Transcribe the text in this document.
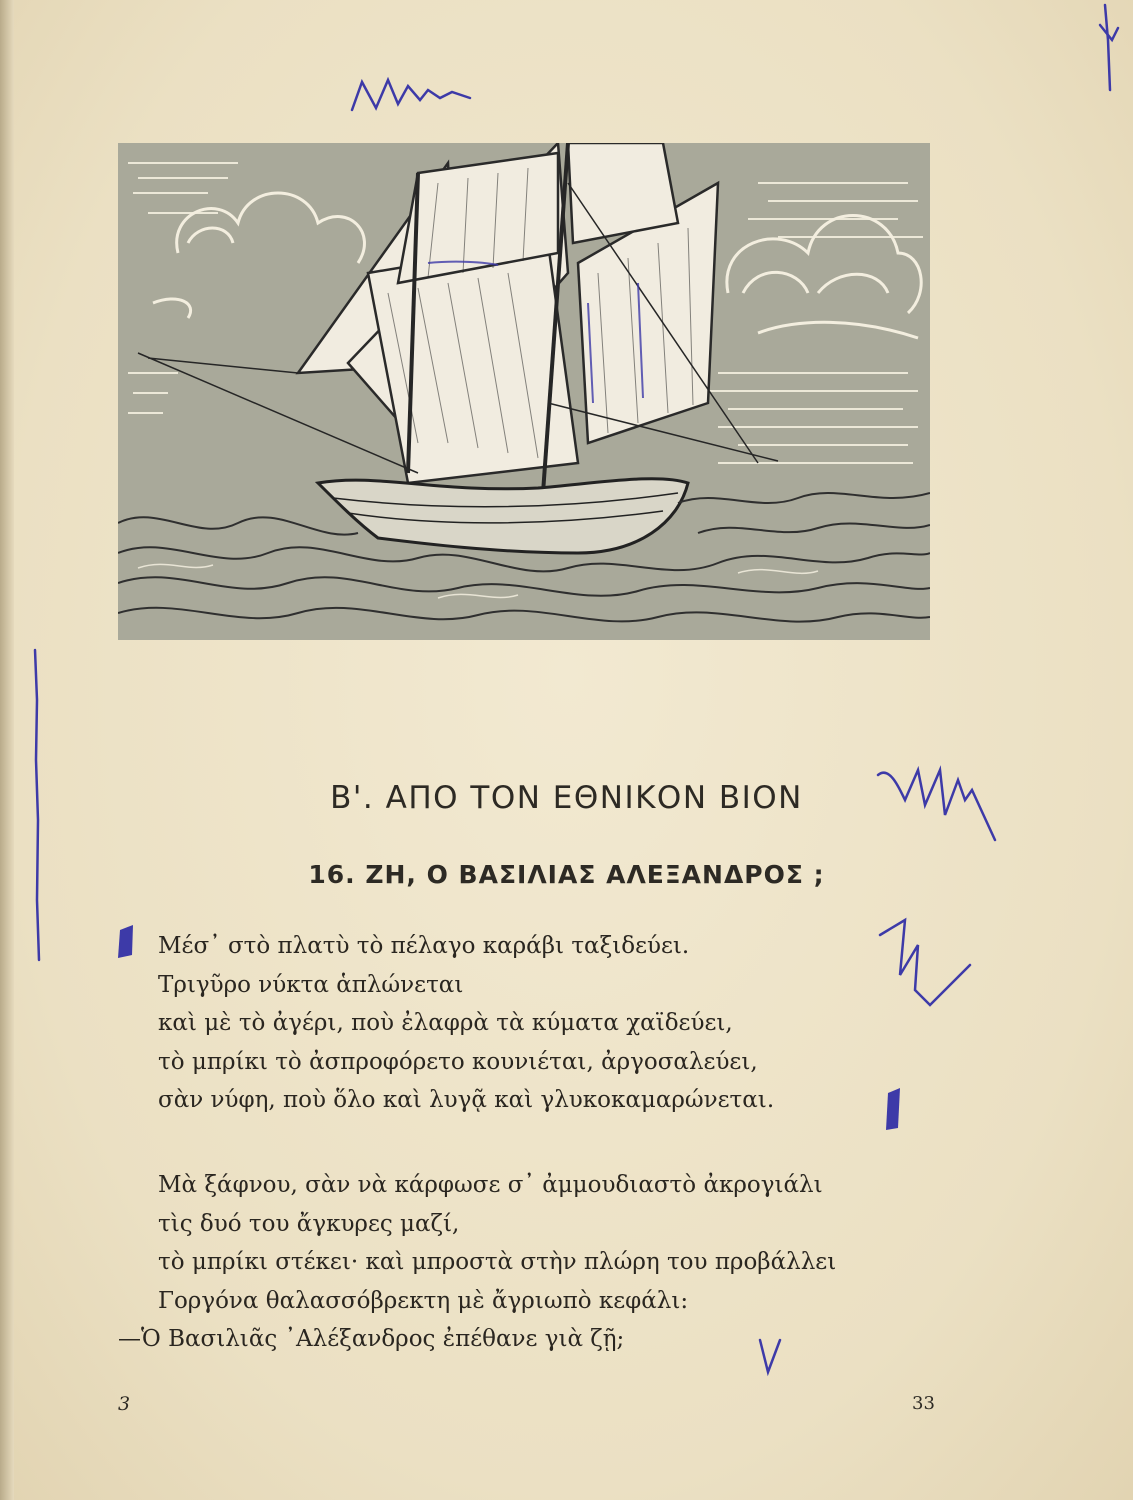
Β'. ΑΠΟ ΤΟΝ ΕΘΝΙΚΟΝ ΒΙΟΝ
16. ΖΗ, Ο ΒΑΣΙΛΙΑΣ ΑΛΕΞΑΝΔΡΟΣ ;
Μέσ᾽ στὸ πλατὺ τὸ πέλαγο καράβι ταξιδεύει.
Τριγῦρο νύκτα ἁπλώνεται
καὶ μὲ τὸ ἀγέρι, ποὺ ἐλαφρὰ τὰ κύματα χαϊδεύει,
τὸ μπρίκι τὸ ἀσπροφόρετο κουνιέται, ἀργοσαλεύει,
σὰν νύφη, ποὺ ὅλο καὶ λυγᾷ καὶ γλυκοκαμαρώνεται.
Μὰ ξάφνου, σὰν νὰ κάρφωσε σ᾽ ἀμμουδιαστὸ ἀκρογιάλι
τὶς δυό του ἄγκυρες μαζί,
τὸ μπρίκι στέκει· καὶ μπροστὰ στὴν πλώρη του προβάλλει
Γοργόνα θαλασσόβρεκτη μὲ ἄγριωπὸ κεφάλι:
—Ὁ Βασιλιᾶς ᾿Αλέξανδρος ἐπέθανε γιὰ ζῇ;
3	33
